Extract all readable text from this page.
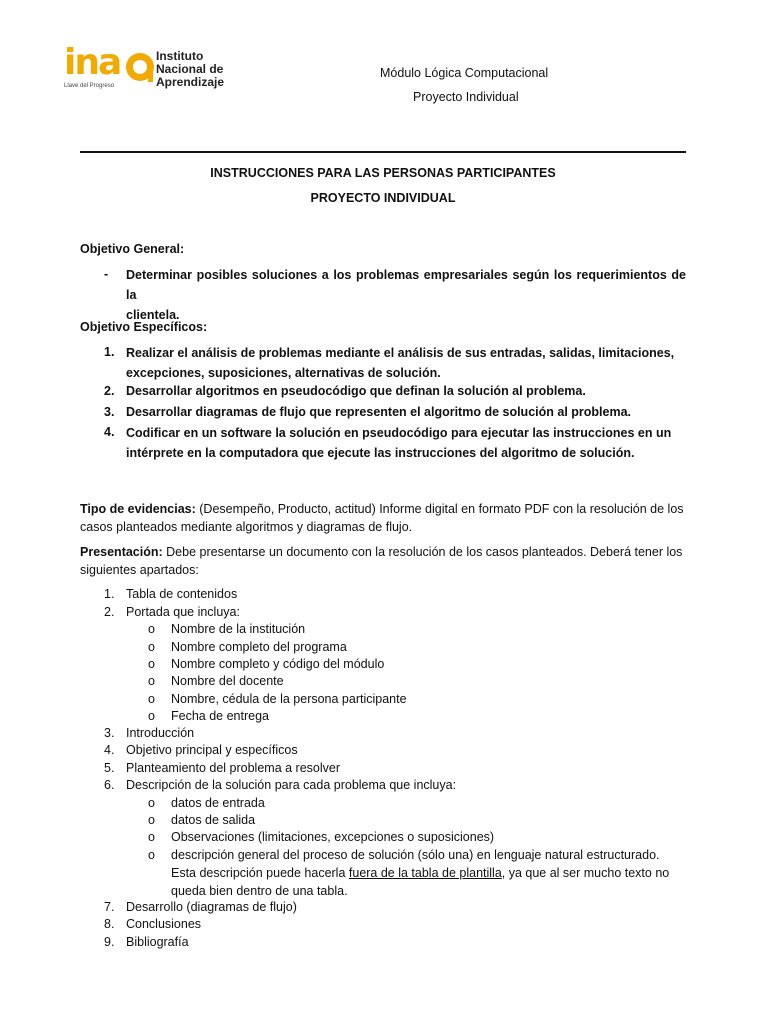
ina
Llave del Progreso
Instituto
Nacional de
Aprendizaje
Módulo Lógica Computacional
Proyecto Individual
INSTRUCCIONES PARA LAS PERSONAS PARTICIPANTES
PROYECTO INDIVIDUAL
Objetivo General:
- Determinar posibles soluciones a los problemas empresariales según los requerimientos de la
clientela.
Objetivo Específicos:
1. Realizar el análisis de problemas mediante el análisis de sus entradas, salidas, limitaciones,
excepciones, suposiciones, alternativas de solución.
2. Desarrollar algoritmos en pseudocódigo que definan la solución al problema.
3. Desarrollar diagramas de flujo que representen el algoritmo de solución al problema.
4. Codificar en un software la solución en pseudocódigo para ejecutar las instrucciones en un
intérprete en la computadora que ejecute las instrucciones del algoritmo de solución.
Tipo de evidencias: (Desempeño, Producto, actitud) Informe digital en formato PDF con la resolución de los
casos planteados mediante algoritmos y diagramas de flujo.
Presentación: Debe presentarse un documento con la resolución de los casos planteados. Deberá tener los
siguientes apartados:
1. Tabla de contenidos
2. Portada que incluya:
o Nombre de la institución
o Nombre completo del programa
o Nombre completo y código del módulo
o Nombre del docente
o Nombre, cédula de la persona participante
o Fecha de entrega
3. Introducción
4. Objetivo principal y específicos
5. Planteamiento del problema a resolver
6. Descripción de la solución para cada problema que incluya:
o datos de entrada
o datos de salida
o Observaciones (limitaciones, excepciones o suposiciones)
o descripción general del proceso de solución (sólo una) en lenguaje natural estructurado.
Esta descripción puede hacerla fuera de la tabla de plantilla, ya que al ser mucho texto no
queda bien dentro de una tabla.
7. Desarrollo (diagramas de flujo)
8. Conclusiones
9. Bibliografía
